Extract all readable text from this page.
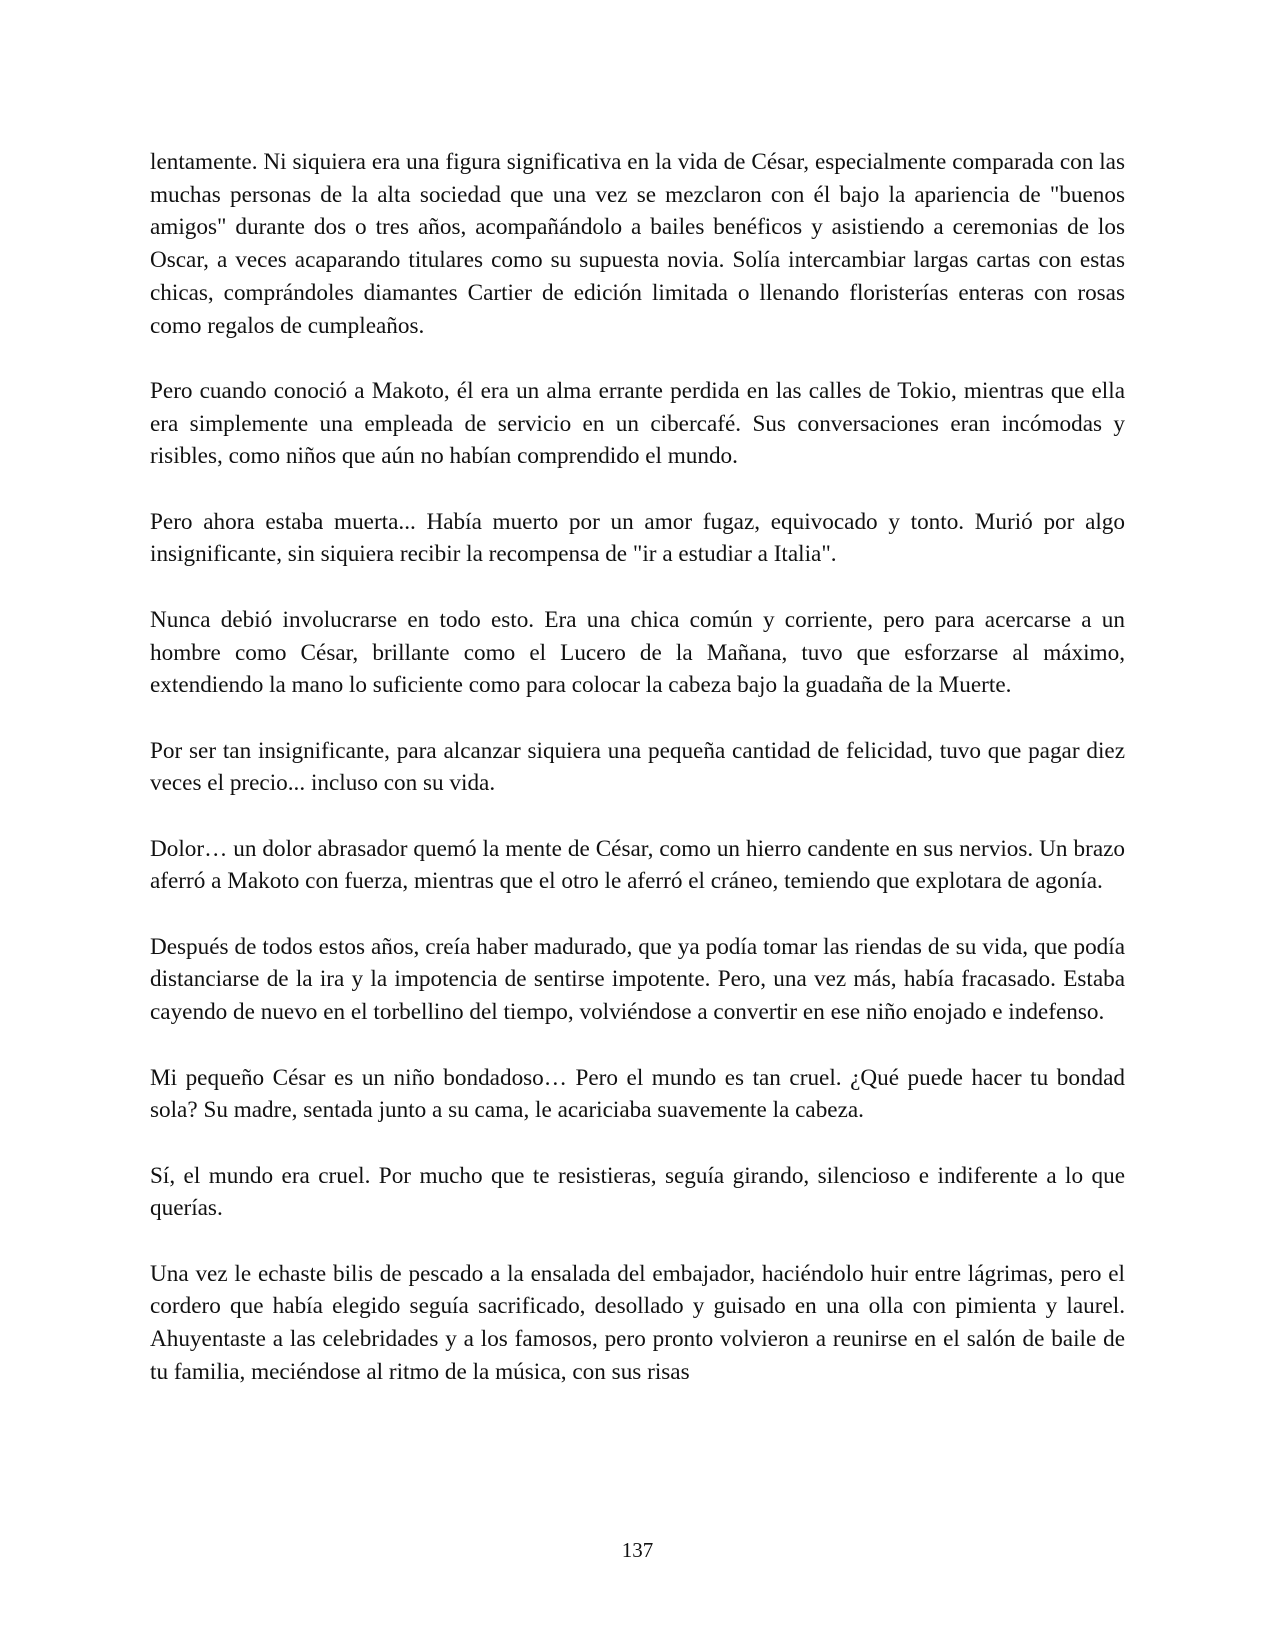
lentamente. Ni siquiera era una figura significativa en la vida de César, especialmente comparada con las muchas personas de la alta sociedad que una vez se mezclaron con él bajo la apariencia de "buenos amigos" durante dos o tres años, acompañándolo a bailes benéficos y asistiendo a ceremonias de los Oscar, a veces acaparando titulares como su supuesta novia. Solía intercambiar largas cartas con estas chicas, comprándoles diamantes Cartier de edición limitada o llenando floristerías enteras con rosas como regalos de cumpleaños.

Pero cuando conoció a Makoto, él era un alma errante perdida en las calles de Tokio, mientras que ella era simplemente una empleada de servicio en un cibercafé. Sus conversaciones eran incómodas y risibles, como niños que aún no habían comprendido el mundo.

Pero ahora estaba muerta... Había muerto por un amor fugaz, equivocado y tonto. Murió por algo insignificante, sin siquiera recibir la recompensa de "ir a estudiar a Italia".

Nunca debió involucrarse en todo esto. Era una chica común y corriente, pero para acercarse a un hombre como César, brillante como el Lucero de la Mañana, tuvo que esforzarse al máximo, extendiendo la mano lo suficiente como para colocar la cabeza bajo la guadaña de la Muerte.

Por ser tan insignificante, para alcanzar siquiera una pequeña cantidad de felicidad, tuvo que pagar diez veces el precio... incluso con su vida.

Dolor… un dolor abrasador quemó la mente de César, como un hierro candente en sus nervios. Un brazo aferró a Makoto con fuerza, mientras que el otro le aferró el cráneo, temiendo que explotara de agonía.

Después de todos estos años, creía haber madurado, que ya podía tomar las riendas de su vida, que podía distanciarse de la ira y la impotencia de sentirse impotente. Pero, una vez más, había fracasado. Estaba cayendo de nuevo en el torbellino del tiempo, volviéndose a convertir en ese niño enojado e indefenso.

Mi pequeño César es un niño bondadoso… Pero el mundo es tan cruel. ¿Qué puede hacer tu bondad sola? Su madre, sentada junto a su cama, le acariciaba suavemente la cabeza.

Sí, el mundo era cruel. Por mucho que te resistieras, seguía girando, silencioso e indiferente a lo que querías.

Una vez le echaste bilis de pescado a la ensalada del embajador, haciéndolo huir entre lágrimas, pero el cordero que había elegido seguía sacrificado, desollado y guisado en una olla con pimienta y laurel. Ahuyentaste a las celebridades y a los famosos, pero pronto volvieron a reunirse en el salón de baile de tu familia, meciéndose al ritmo de la música, con sus risas

137
